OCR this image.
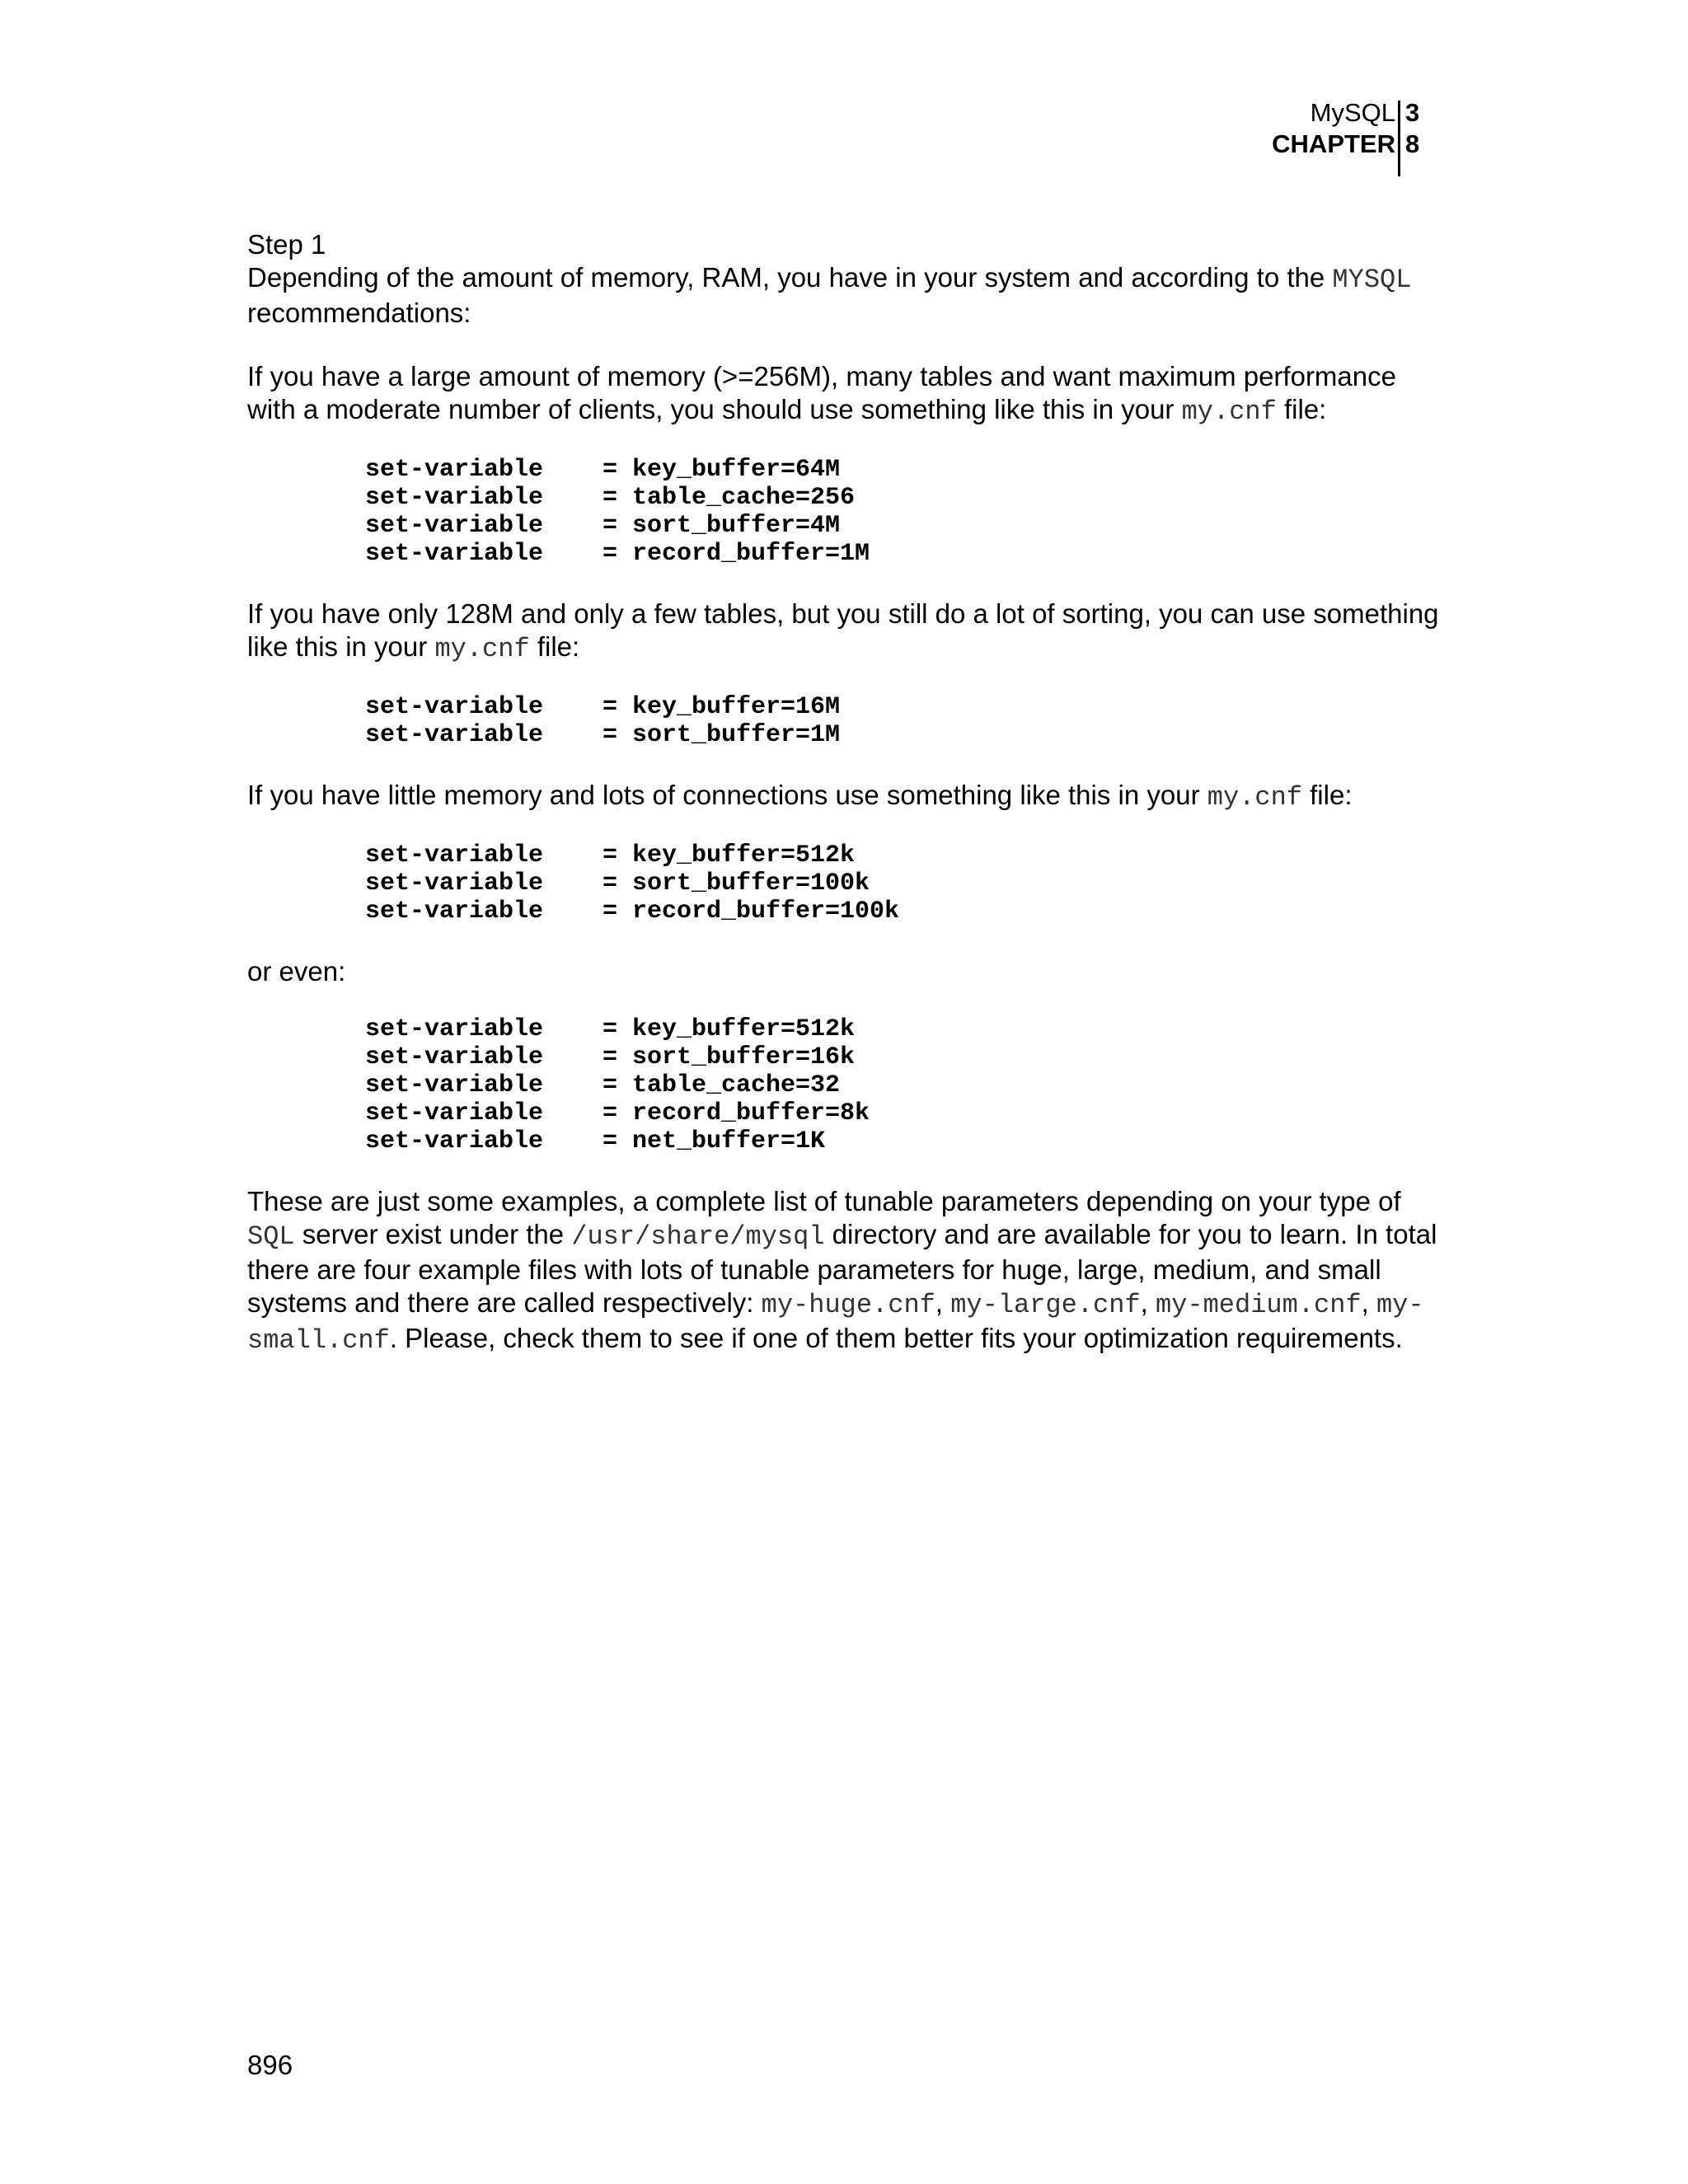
MySQL
CHAPTER
3
8

Step 1

Depending of the amount of memory, RAM, you have in your system and according to the MYSQL recommendations:

If you have a large amount of memory (>=256M), many tables and want maximum performance with a moderate number of clients, you should use something like this in your my.cnf file:

set-variable	= key_buffer=64M
set-variable	= table_cache=256
set-variable	= sort_buffer=4M
set-variable	= record_buffer=1M

If you have only 128M and only a few tables, but you still do a lot of sorting, you can use something like this in your my.cnf file:

set-variable	= key_buffer=16M
set-variable	= sort_buffer=1M

If you have little memory and lots of connections use something like this in your my.cnf file:

set-variable	= key_buffer=512k
set-variable	= sort_buffer=100k
set-variable	= record_buffer=100k

or even:

set-variable	= key_buffer=512k
set-variable	= sort_buffer=16k
set-variable	= table_cache=32
set-variable	= record_buffer=8k
set-variable	= net_buffer=1K

These are just some examples, a complete list of tunable parameters depending on your type of SQL server exist under the /usr/share/mysql directory and are available for you to learn. In total there are four example files with lots of tunable parameters for huge, large, medium, and small systems and there are called respectively: my-huge.cnf, my-large.cnf, my-medium.cnf, my-small.cnf. Please, check them to see if one of them better fits your optimization requirements.

896
